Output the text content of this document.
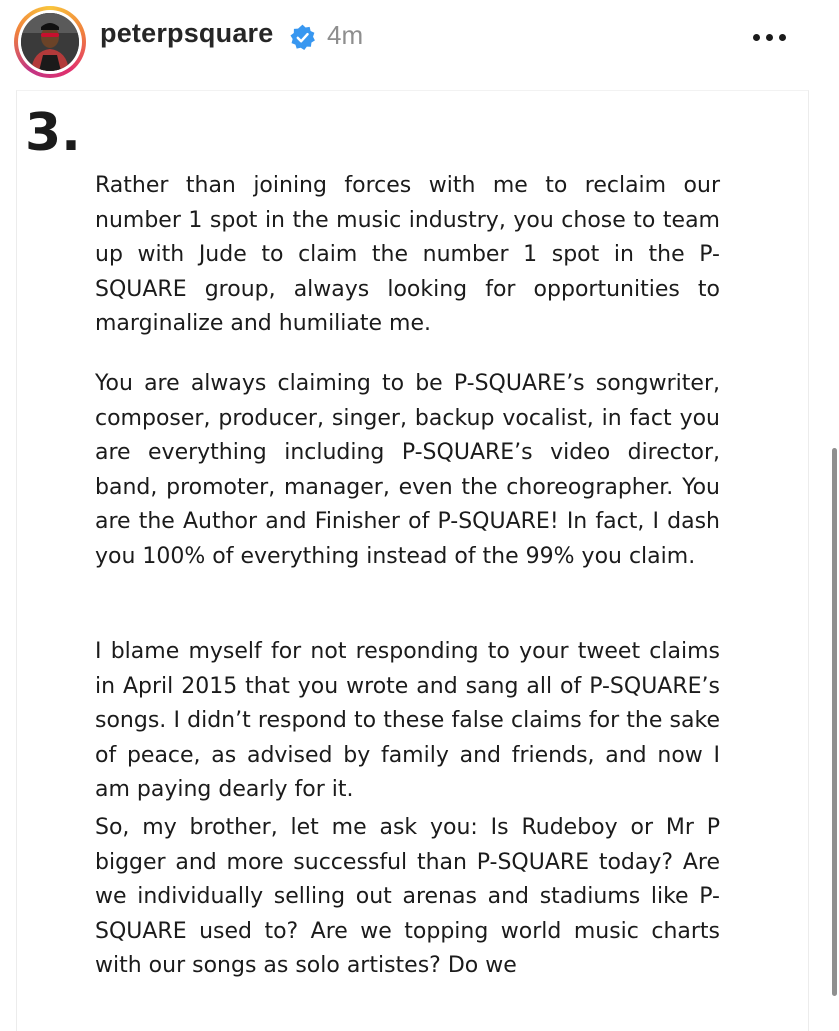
peterpsquare 4m
3.

Rather than joining forces with me to reclaim our number 1 spot in the music industry, you chose to team up with Jude to claim the number 1 spot in the P-SQUARE group, always looking for opportunities to marginalize and humiliate me.

You are always claiming to be P-SQUARE’s songwriter, composer, producer, singer, backup vocalist, in fact you are everything including P-SQUARE’s video director, band, promoter, manager, even the choreographer. You are the Author and Finisher of P-SQUARE! In fact, I dash you 100% of everything instead of the 99% you claim.

I blame myself for not responding to your tweet claims in April 2015 that you wrote and sang all of P-SQUARE’s songs. I didn’t respond to these false claims for the sake of peace, as advised by family and friends, and now I am paying dearly for it.

So, my brother, let me ask you: Is Rudeboy or Mr P bigger and more successful than P-SQUARE today? Are we individually selling out arenas and stadiums like P-SQUARE used to? Are we topping world music charts with our songs as solo artistes? Do we
